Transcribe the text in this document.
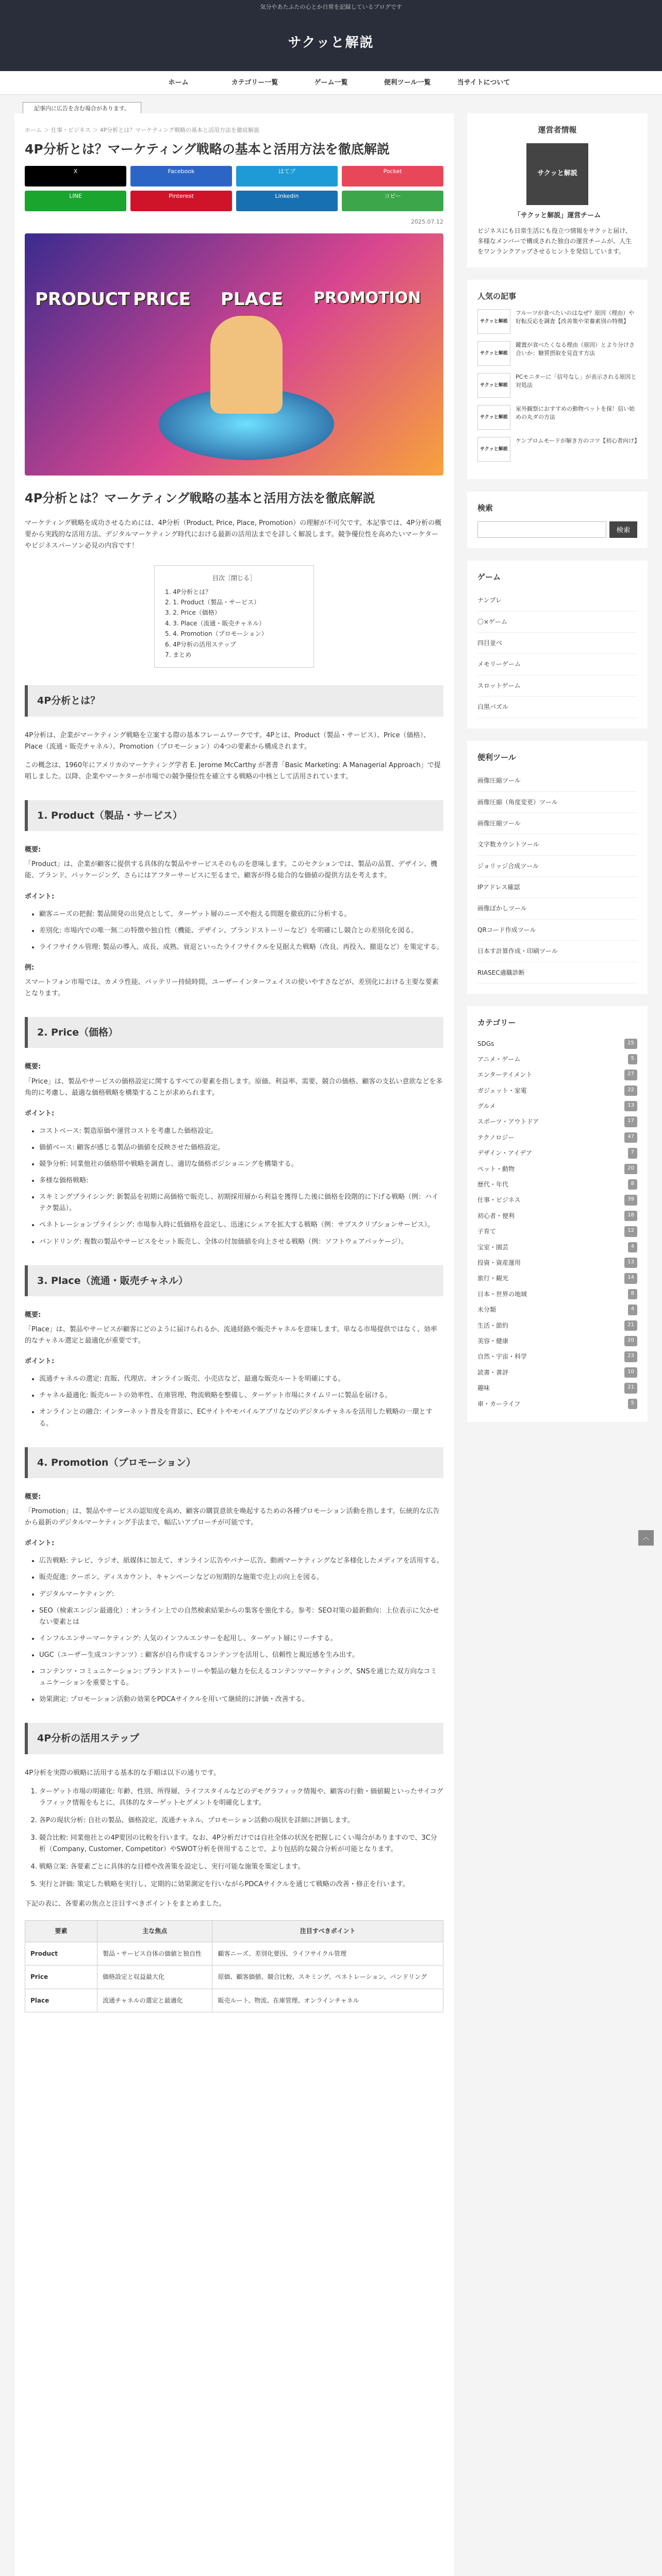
気分やあたふたの心とか日常を記録しているブログです
サクッと解説
ホーム	カテゴリー一覧	ゲーム一覧	便利ツール一覧	当サイトについて
記事内に広告を含む場合があります。
ホーム ＞ 仕事・ビジネス ＞ 4P分析とは？マーケティング戦略の基本と活用方法を徹底解説
4P分析とは？マーケティング戦略の基本と活用方法を徹底解説
X	Facebook	はてブ	Pocket
LINE	Pinterest	Linkedin	コピー
2025.07.12
PRODUCT PRICE PLACE PROMOTION
4P分析とは？マーケティング戦略の基本と活用方法を徹底解説

マーケティング戦略を成功させるためには、4P分析（Product, Price, Place, Promotion）の理解が不可欠です。本記事では、4P分析の概要から実践的な活用方法、デジタルマーケティング時代における最新の活用法までを詳しく解説します。競争優位性を高めたいマーケターやビジネスパーソン必見の内容です！

目次［閉じる］
1. 4P分析とは？
2. 1. Product（製品・サービス）
3. 2. Price（価格）
4. 3. Place（流通・販売チャネル）
5. 4. Promotion（プロモーション）
6. 4P分析の活用ステップ
7. まとめ
4P分析とは？

4P分析は、企業がマーケティング戦略を立案する際の基本フレームワークです。4Pとは、Product（製品・サービス）、Price（価格）、Place（流通・販売チャネル）、Promotion（プロモーション）の4つの要素から構成されます。

この概念は、1960年にアメリカのマーケティング学者 E. Jerome McCarthy が著書「Basic Marketing: A Managerial Approach」で提唱しました。以降、企業やマーケターが市場での競争優位性を確立する戦略の中核として活用されています。

1. Product（製品・サービス）
概要:

「Product」は、企業が顧客に提供する具体的な製品やサービスそのものを意味します。このセクションでは、製品の品質、デザイン、機能、ブランド、パッケージング、さらにはアフターサービスに至るまで、顧客が得る総合的な価値の提供方法を考えます。

ポイント:
• 顧客ニーズの把握: 製品開発の出発点として、ターゲット層のニーズや抱える問題を徹底的に分析する。
• 差別化: 市場内での唯一無二の特徴や独自性（機能、デザイン、ブランドストーリーなど）を明確にし競合との差別化を図る。
• ライフサイクル管理: 製品の導入、成長、成熟、衰退といったライフサイクルを見据えた戦略（改良、再投入、撤退など）を策定する。
例:

スマートフォン市場では、カメラ性能、バッテリー持続時間、ユーザーインターフェイスの使いやすさなどが、差別化における主要な要素となります。

2. Price（価格）
概要:

「Price」は、製品やサービスの価格設定に関するすべての要素を指します。原価、利益率、需要、競合の価格、顧客の支払い意欲などを多角的に考慮し、最適な価格戦略を構築することが求められます。

ポイント:
• コストベース: 製造原価や運営コストを考慮した価格設定。
• 価値ベース: 顧客が感じる製品の価値を反映させた価格設定。
• 競争分析: 同業他社の価格帯や戦略を調査し、適切な価格ポジショニングを構築する。
• 多様な価格戦略:
• スキミングプライシング: 新製品を初期に高価格で販売し、初期採用層から利益を獲得した後に価格を段階的に下げる戦略（例：ハイテク製品）。
• ペネトレーションプライシング: 市場参入時に低価格を設定し、迅速にシェアを拡大する戦略（例：サブスクリプションサービス）。
• バンドリング: 複数の製品やサービスをセット販売し、全体の付加価値を向上させる戦略（例：ソフトウェアパッケージ）。
3. Place（流通・販売チャネル）
概要:

「Place」は、製品やサービスが顧客にどのように届けられるか、流通経路や販売チャネルを意味します。単なる市場提供ではなく、効率的なチャネル選定と最適化が重要です。

ポイント:
• 流通チャネルの選定: 直販、代理店、オンライン販売、小売店など、最適な販売ルートを明確にする。
• チャネル最適化: 販売ルートの効率性、在庫管理、物流戦略を整備し、ターゲット市場にタイムリーに製品を届ける。
• オンラインとの融合: インターネット普及を背景に、ECサイトやモバイルアプリなどのデジタルチャネルを活用した戦略の一環とする。
4. Promotion（プロモーション）
概要:

「Promotion」は、製品やサービスの認知度を高め、顧客の購買意欲を喚起するための各種プロモーション活動を指します。伝統的な広告から最新のデジタルマーケティング手法まで、幅広いアプローチが可能です。

ポイント:
• 広告戦略: テレビ、ラジオ、紙媒体に加えて、オンライン広告やバナー広告、動画マーケティングなど多様化したメディアを活用する。
• 販売促進: クーポン、ディスカウント、キャンペーンなどの短期的な施策で売上の向上を図る。
• デジタルマーケティング:
• SEO（検索エンジン最適化）: オンライン上での自然検索結果からの集客を強化する。参考：SEO対策の最新動向：上位表示に欠かせない要素とは
• インフルエンサーマーケティング: 人気のインフルエンサーを起用し、ターゲット層にリーチする。
• UGC（ユーザー生成コンテンツ）: 顧客が自ら作成するコンテンツを活用し、信頼性と親近感を生み出す。
• コンテンツ・コミュニケーション: ブランドストーリーや製品の魅力を伝えるコンテンツマーケティング、SNSを通じた双方向なコミュニケーションを重要とする。
• 効果測定: プロモーション活動の効果をPDCAサイクルを用いて継続的に評価・改善する。
4P分析の活用ステップ

4P分析を実際の戦略に活用する基本的な手順は以下の通りです。

1. ターゲット市場の明確化: 年齢、性別、所得層、ライフスタイルなどのデモグラフィック情報や、顧客の行動・価値観といったサイコグラフィック情報をもとに、具体的なターゲットセグメントを明確化します。
2. 各Pの現状分析: 自社の製品、価格設定、流通チャネル、プロモーション活動の現状を詳細に評価します。
3. 競合比較: 同業他社との4P要因の比較を行います。なお、4P分析だけでは自社全体の状況を把握しにくい場合がありますので、3C分析（Company, Customer, Competitor）やSWOT分析を併用することで、より包括的な競合分析が可能となります。
4. 戦略立案: 各要素ごとに具体的な目標や改善策を設定し、実行可能な施策を策定します。
5. 実行と評価: 策定した戦略を実行し、定期的に効果測定を行いながらPDCAサイクルを通じて戦略の改善・修正を行います。

下記の表に、各要素の焦点と注目すべきポイントをまとめました。

要素	主な焦点	注目すべきポイント
Product	製品・サービス自体の価値と独自性	顧客ニーズ、差別化要因、ライフサイクル管理
Price	価格設定と収益最大化	原価、顧客価値、競合比較、スキミング、ペネトレーション、バンドリング
Place	流通チャネルの選定と最適化	販売ルート、物流、在庫管理、オンラインチャネル
運営者情報
サクッと解説
「サクッと解説」運営チーム
ビジネスにも日常生活にも役立つ情報をサクッと届け、多様なメンバーで構成された独自の運営チームが、人生をワンランクアップさせるヒントを発信しています。
人気の記事
サクッと解説
フルーツが食べたいのはなぜ？原因（理由）や好転反応を調査【改善策や栄養素別の特徴】
サクッと解説
鍵置が食べたくなる理由（原因）とより分けさ合いか：糖質摂取を見直す方法
サクッと解説
PCモニターに「信号なし」が表示される原因と対処法
サクッと解説
室外観察におすすめの動物ペットを探！信い始めの丸ダの方法
サクッと解説
ケンブロムモードが解き方のコツ【初心者向け】
検索
検索
ゲーム
ナンプレ
〇×ゲーム
四目並べ
メモリーゲーム
スロットゲーム
白黒パズル
便利ツール
画像圧縮ツール
画像圧縮（角度変更）ツール
画像圧縮ツール
文字数カウントツール
ジョリッジ合成ツール
IPアドレス確認
画像ぼかしツール
QRコード作成ツール
日本す計算作成・印刷ツール
RIASEC適職診断
カテゴリー
SDGs	25
アニメ・ゲーム	5
エンターテイメント	27
ガジェット・家電	22
グルメ	13
スポーツ・アウトドア	17
テクノロジー	47
デザイン・アイデア	7
ペット・動物	20
歴代・年代	8
仕事・ビジネス	39
初心者・便利	18
子育て	12
宝室・園芸	4
投資・資産運用	13
旅行・観光	14
日本・世界の地域	8
未分類	4
生活・節約	21
美容・健康	20
自然・宇宙・科学	23
読書・書評	10
趣味	21
車・カーライフ	5
︿
